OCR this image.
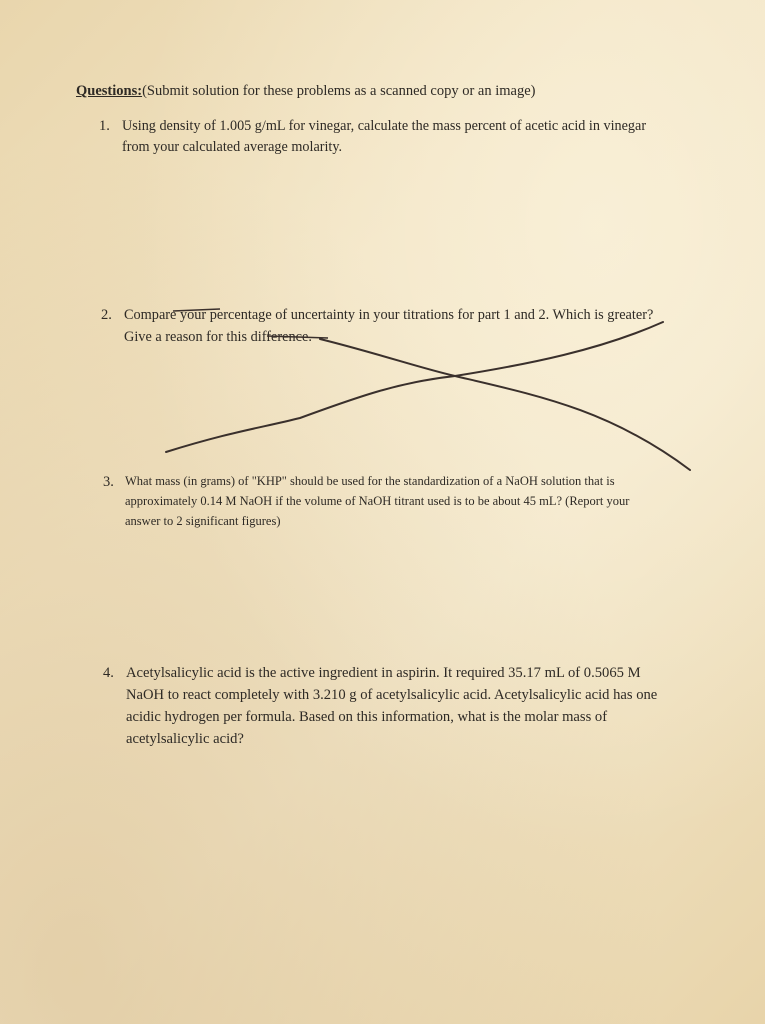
Questions:(Submit solution for these problems as a scanned copy or an image)
1. Using density of 1.005 g/mL for vinegar, calculate the mass percent of acetic acid in vinegar
from your calculated average molarity.
2. Compare your percentage of uncertainty in your titrations for part 1 and 2. Which is greater?
Give a reason for this difference.
3. What mass (in grams) of "KHP" should be used for the standardization of a NaOH solution that is
approximately 0.14 M NaOH if the volume of NaOH titrant used is to be about 45 mL? (Report your
answer to 2 significant figures)
4. Acetylsalicylic acid is the active ingredient in aspirin. It required 35.17 mL of 0.5065 M
NaOH to react completely with 3.210 g of acetylsalicylic acid. Acetylsalicylic acid has one
acidic hydrogen per formula. Based on this information, what is the molar mass of
acetylsalicylic acid?
